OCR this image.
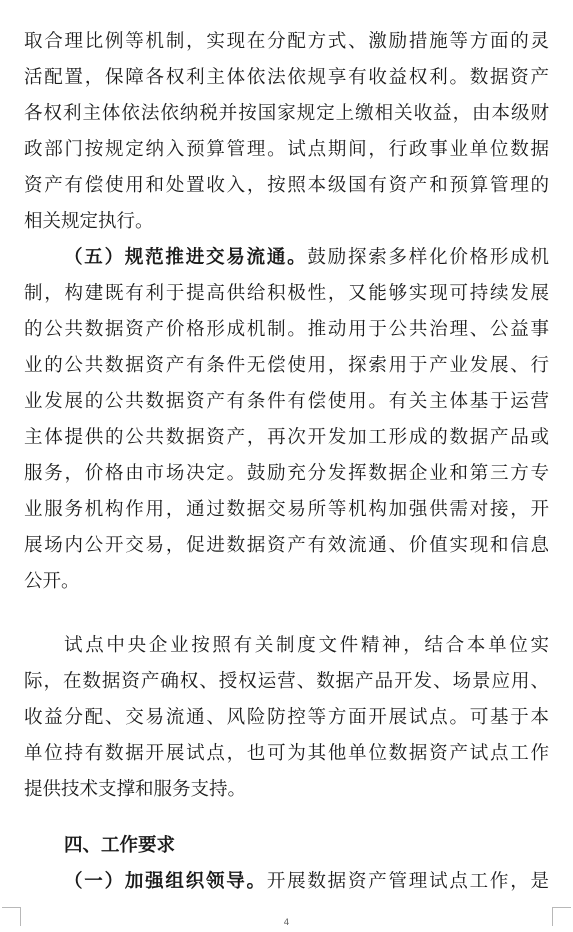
取合理比例等机制，实现在分配方式、激励措施等方面的灵
活配置，保障各权利主体依法依规享有收益权利。数据资产
各权利主体依法依纳税并按国家规定上缴相关收益，由本级财
政部门按规定纳入预算管理。试点期间，行政事业单位数据
资产有偿使用和处置收入，按照本级国有资产和预算管理的
相关规定执行。
（五）规范推进交易流通。鼓励探索多样化价格形成机
制，构建既有利于提高供给积极性，又能够实现可持续发展
的公共数据资产价格形成机制。推动用于公共治理、公益事
业的公共数据资产有条件无偿使用，探索用于产业发展、行
业发展的公共数据资产有条件有偿使用。有关主体基于运营
主体提供的公共数据资产，再次开发加工形成的数据产品或
服务，价格由市场决定。鼓励充分发挥数据企业和第三方专
业服务机构作用，通过数据交易所等机构加强供需对接，开
展场内公开交易，促进数据资产有效流通、价值实现和信息
公开。
试点中央企业按照有关制度文件精神，结合本单位实
际，在数据资产确权、授权运营、数据产品开发、场景应用、
收益分配、交易流通、风险防控等方面开展试点。可基于本
单位持有数据开展试点，也可为其他单位数据资产试点工作
提供技术支撑和服务支持。
四、工作要求
（一）加强组织领导。开展数据资产管理试点工作，是
4
